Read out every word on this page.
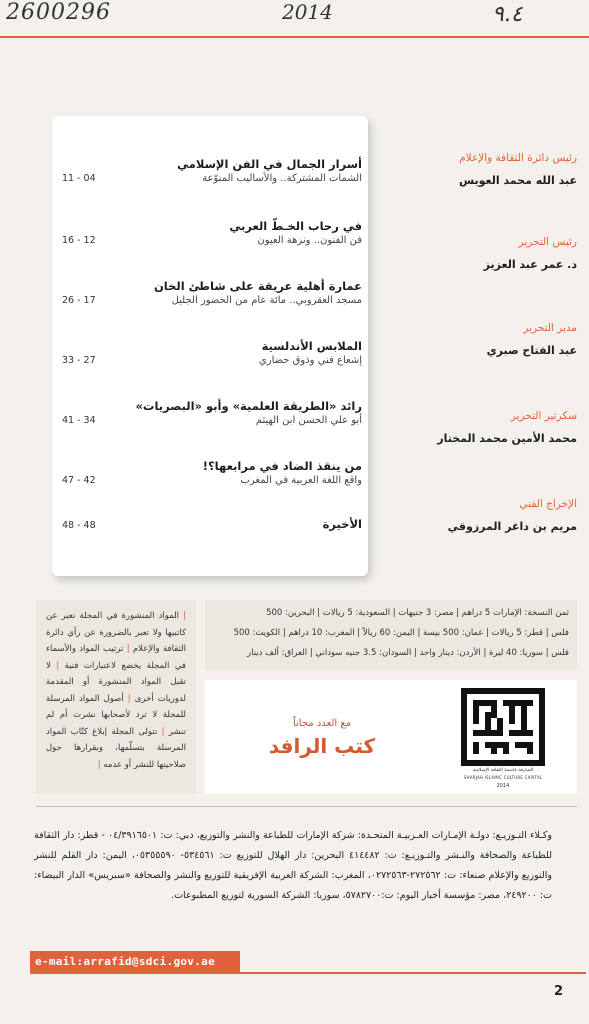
2600296	2014	٩.٤
أسرار الجمال في الفن الإسلامي
الشمات المشتركة.. والأساليب المنوّعة
11 - 04
في رحاب الخـطّ العربي
فن الفنون.. ونزهة العيون
16 - 12
عمارة أهلية عريقة على شاطئ الخان
مسجد العقروبي.. مائة عام من الحضور الجليل
26 - 17
الملابس الأندلسية
إشعاع فني وذوق حضاري
33 - 27
رائد «الطريقة العلمية» وأبو «البصريات»
أبو علي الحسن ابن الهيثم
41 - 34
من ينقذ الضاد في مرابعها؟!
واقع اللغة العربية في المغرب
47 - 42
الأخيرة
48 - 48
رئيس دائرة الثقافة والإعلام
عبد الله محمد العويس
رئيس التحرير
د. عمر عبد العزيز
مدير التحرير
عبد الفتاح صبري
سكرتير التحرير
محمد الأمين محمد المختار
الإخراج الفني
مريم بن داغر المرزوقي
ثمن النسخة: الإمارات 5 دراهم | مصر: 3 جنيهات | السعودية: 5 ريالات | البحرين: 500
فلس | قطر: 5 ريالات | عمان: 500 بيسة | اليمن: 60 ريالاً | المغرب: 10 دراهم | الكويت: 500
فلس | سوريا: 40 ليرة | الأردن: دينار واحد | السودان: 3.5 جنيه سوداني | العراق: ألف دينار
| المواد المنشورة في المجلة تعبر عن كاتبيها ولا تعبر بالضرورة عن رأي دائرة الثقافة والإعلام | ترتيب المواد والأسماء في المجلة يخضع لاعتبارات فنية | لا تقبل المواد المنشورة أو المقدمة لدوريات أخرى | أصول المواد المرسلة للمجلة لا ترد لأصحابها نشرت أم لم تنشر | تتولى المجلة إبلاغ كتّاب المواد المرسلة بتسلّمها، وبقرارها حول صلاحيتها للنشر أو عدمه |
مع العدد مجاناً
كتب الرافد
الشارقة عاصمة الثقافة الإسلامية
SHARJAH ISLAMIC CULTURE CAPITAL
2014
وكـلاء التـوزيـع: دولـة الإمـارات العـربيـة المتحـدة: شركة الإمارات للطباعة والنشر والتوزيع، دبي: ت: ٠٤/٣٩١٦٥٠١ - قطر: دار الثقافة للطباعة والصحافة والنـشر والتـوزيـع: ت: ٤١٤٤٨٢ البحرين: دار الهلال للتوزيع ت: ٥٣٤٥٦١- ٠٥٣٥٥٥٩٠، اليمن: دار القلم للنشر والتوزيع والإعلام صنعاء: ت: ٢٧٢٥٦٢-٠٢٧٢٥٦٣، المغرب: الشركة العربية الإفريقية للتوزيع والنشر والصحافة «سبريس» الدار البيضاء: ت: ٢٤٩٢٠٠، مصر: مؤسسة أخبار اليوم: ت:٥٧٨٢٧٠٠، سوريا: الشركة السورية لتوزيع المطبوعات.
e-mail:arrafid@sdci.gov.ae
2
